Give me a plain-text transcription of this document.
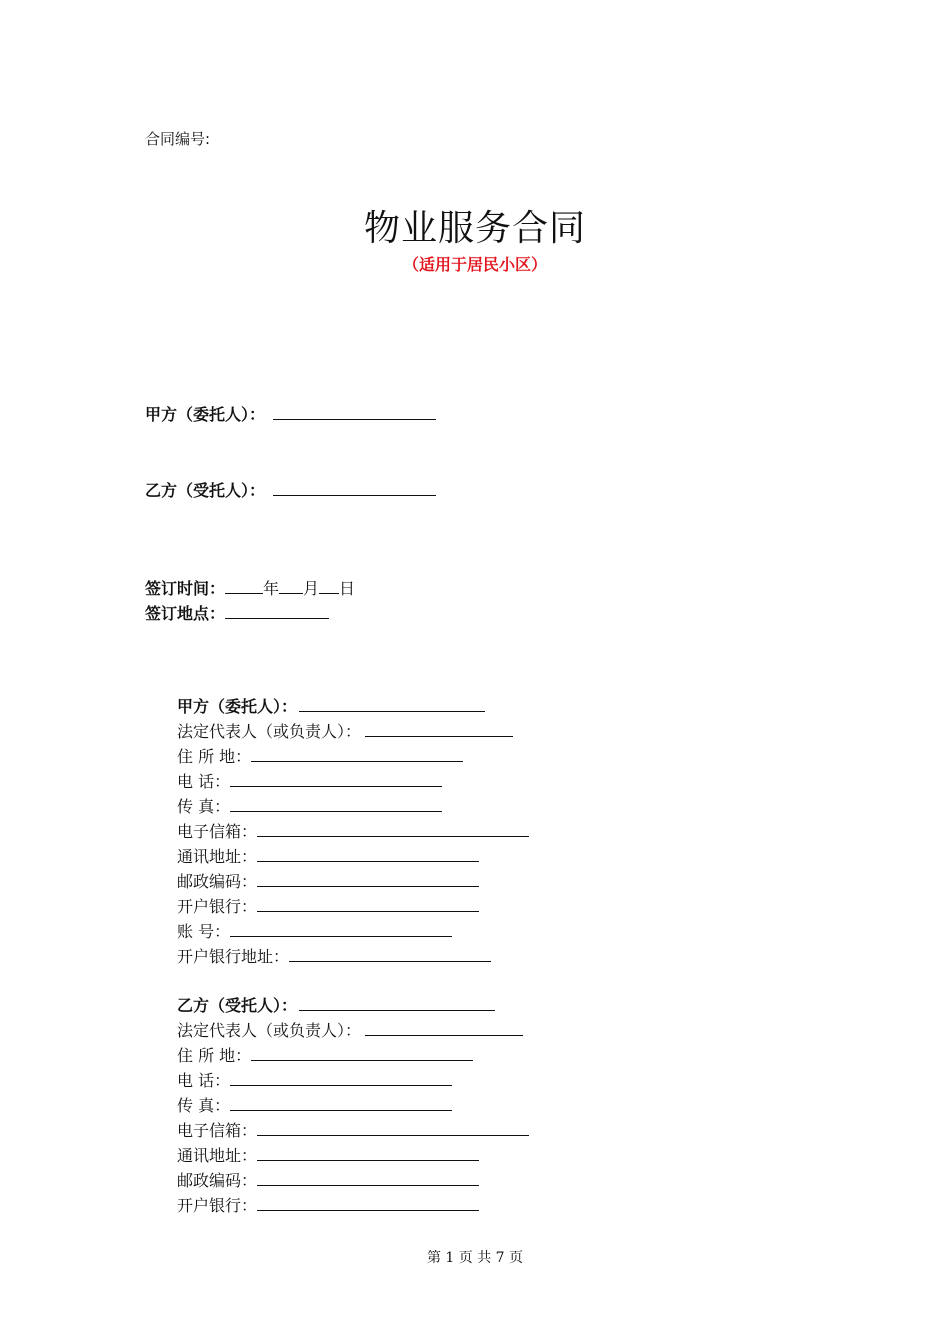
合同编号:
物业服务合同
（适用于居民小区）
甲方（委托人）：
乙方（受托人）：
签订时间： 年 月 日
签订地点：
甲方（委托人）：
法定代表人（或负责人）：
住 所 地：
电 话：
传 真：
电子信箱：
通讯地址：
邮政编码：
开户银行：
账 号：
开户银行地址：
乙方（受托人）：
法定代表人（或负责人）：
住 所 地：
电 话：
传 真：
电子信箱：
通讯地址：
邮政编码：
开户银行：
第 1 页 共 7 页
